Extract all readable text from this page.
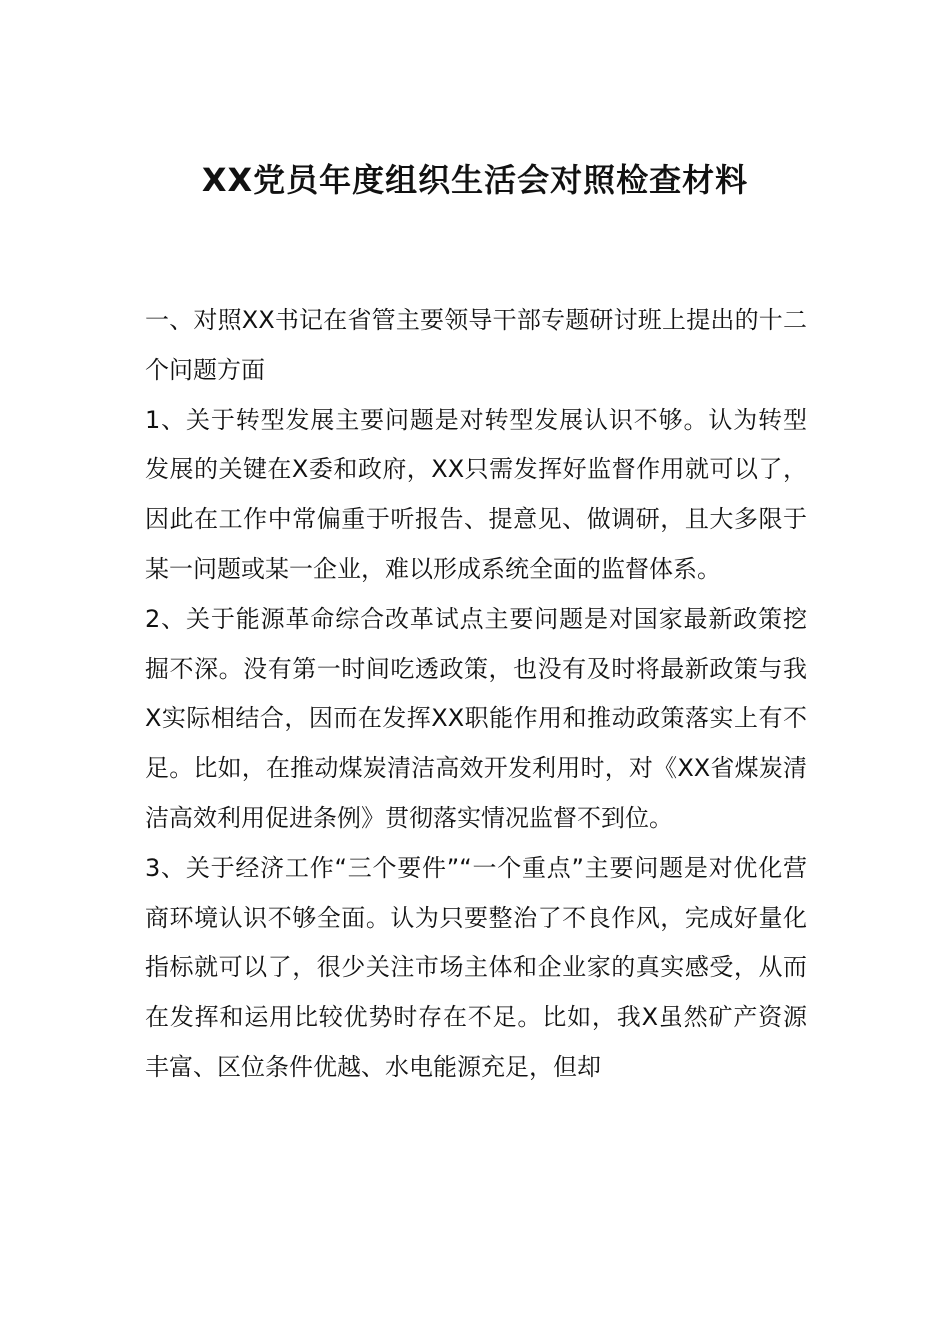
XX党员年度组织生活会对照检查材料

一、对照XX书记在省管主要领导干部专题研讨班上提出的十二个问题方面

1、关于转型发展主要问题是对转型发展认识不够。认为转型发展的关键在X委和政府，XX只需发挥好监督作用就可以了，因此在工作中常偏重于听报告、提意见、做调研，且大多限于某一问题或某一企业，难以形成系统全面的监督体系。

2、关于能源革命综合改革试点主要问题是对国家最新政策挖掘不深。没有第一时间吃透政策，也没有及时将最新政策与我X实际相结合，因而在发挥XX职能作用和推动政策落实上有不足。比如，在推动煤炭清洁高效开发利用时，对《XX省煤炭清洁高效利用促进条例》贯彻落实情况监督不到位。

3、关于经济工作“三个要件”“一个重点”主要问题是对优化营商环境认识不够全面。认为只要整治了不良作风，完成好量化指标就可以了，很少关注市场主体和企业家的真实感受，从而在发挥和运用比较优势时存在不足。比如，我X虽然矿产资源丰富、区位条件优越、水电能源充足，但却
